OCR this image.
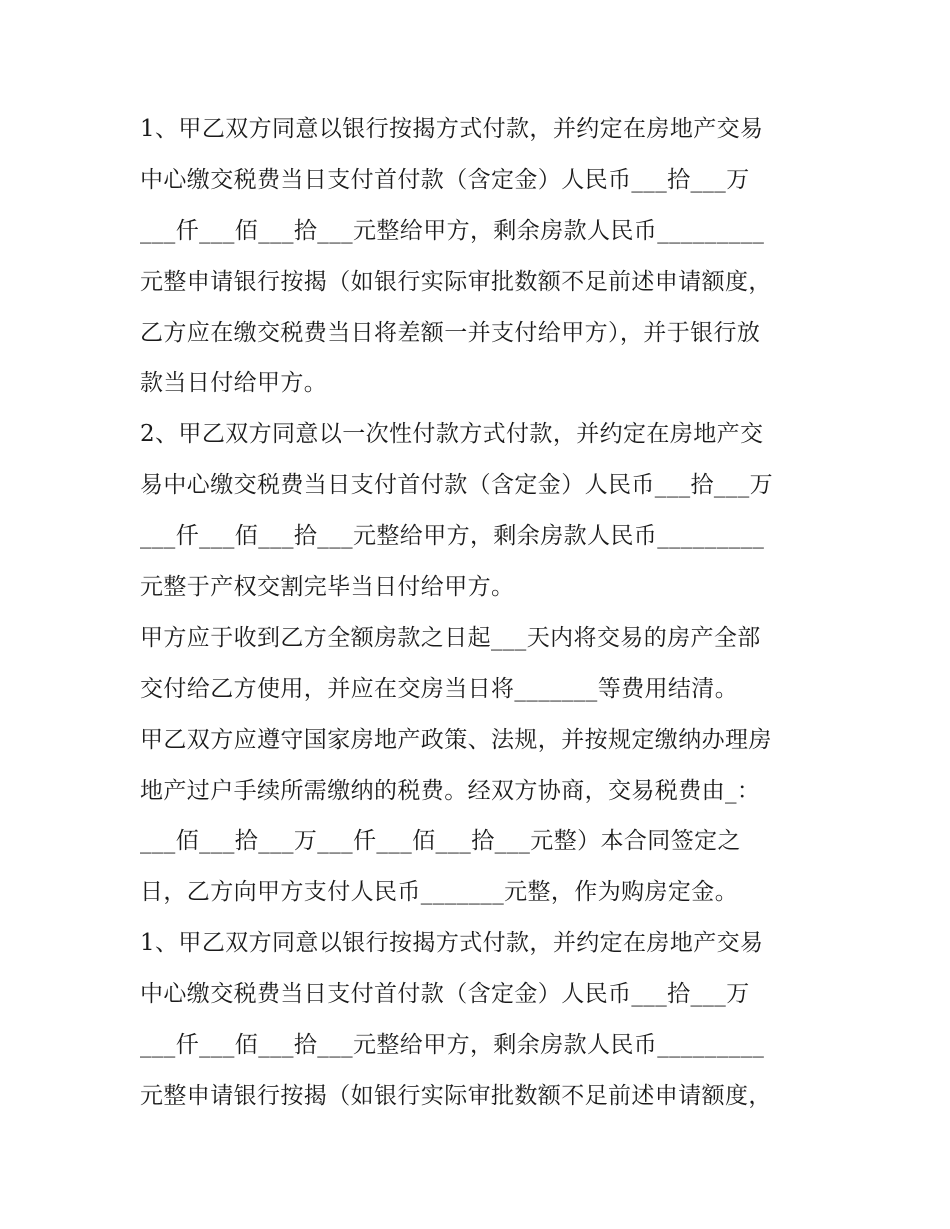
1、甲乙双方同意以银行按揭方式付款，并约定在房地产交易
中心缴交税费当日支付首付款（含定金）人民币___拾___万
___仟___佰___拾___元整给甲方，剩余房款人民币_________
元整申请银行按揭（如银行实际审批数额不足前述申请额度，
乙方应在缴交税费当日将差额一并支付给甲方），并于银行放
款当日付给甲方。
2、甲乙双方同意以一次性付款方式付款，并约定在房地产交
易中心缴交税费当日支付首付款（含定金）人民币___拾___万
___仟___佰___拾___元整给甲方，剩余房款人民币_________
元整于产权交割完毕当日付给甲方。
甲方应于收到乙方全额房款之日起___天内将交易的房产全部
交付给乙方使用，并应在交房当日将_______等费用结清。
甲乙双方应遵守国家房地产政策、法规，并按规定缴纳办理房
地产过户手续所需缴纳的税费。经双方协商，交易税费由_：
___佰___拾___万___仟___佰___拾___元整）本合同签定之
日，乙方向甲方支付人民币_______元整，作为购房定金。
1、甲乙双方同意以银行按揭方式付款，并约定在房地产交易
中心缴交税费当日支付首付款（含定金）人民币___拾___万
___仟___佰___拾___元整给甲方，剩余房款人民币_________
元整申请银行按揭（如银行实际审批数额不足前述申请额度，
